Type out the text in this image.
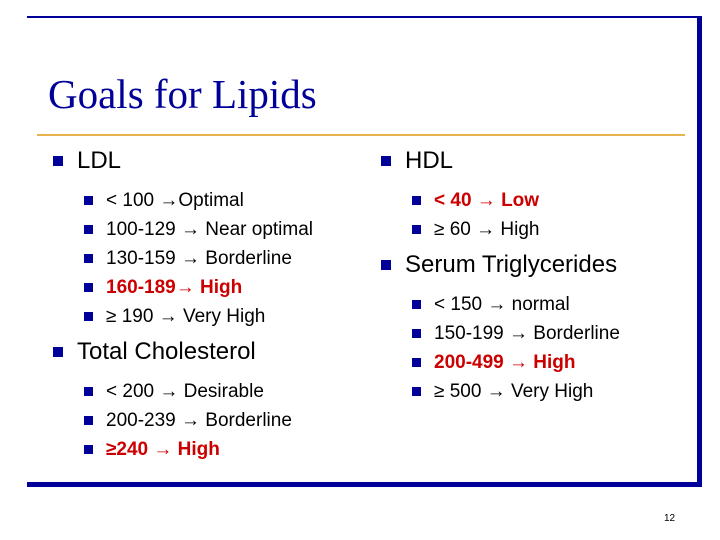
Goals for Lipids
LDL
< 100 →Optimal
100-129 → Near optimal
130-159 → Borderline
160-189→ High
≥ 190 → Very High
Total Cholesterol
< 200 → Desirable
200-239 → Borderline
≥240 → High
HDL
< 40 → Low
≥ 60 → High
Serum Triglycerides
< 150 → normal
150-199 → Borderline
200-499 → High
≥ 500 → Very High
12
